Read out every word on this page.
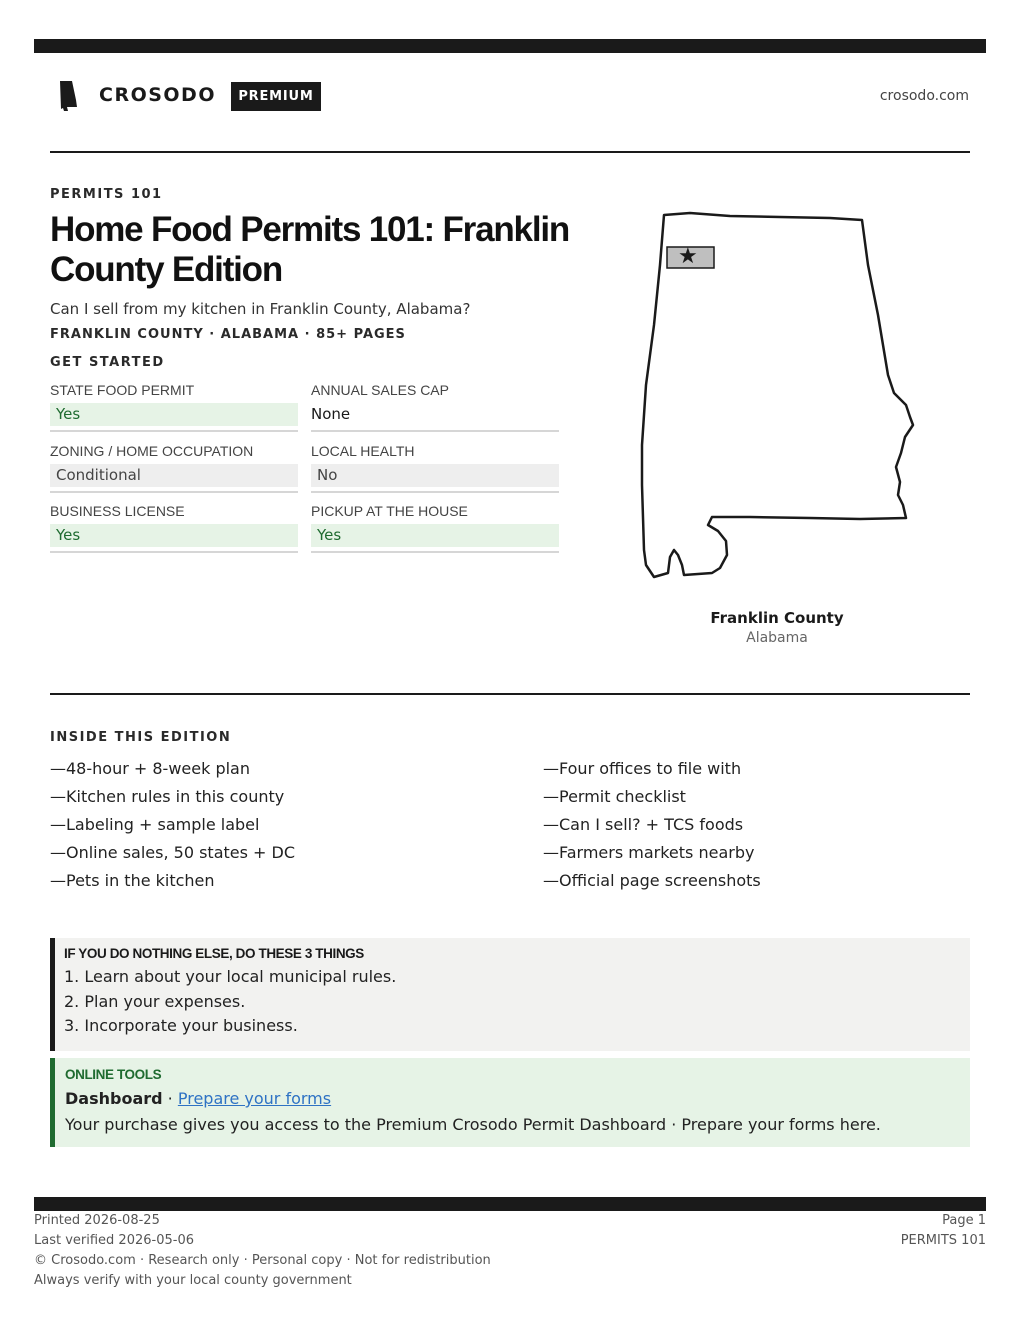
CROSODO	PREMIUM	crosodo.com
PERMITS 101
Home Food Permits 101: Franklin
County Edition
Can I sell from my kitchen in Franklin County, Alabama?
FRANKLIN COUNTY · ALABAMA · 85+ PAGES
GET STARTED
STATE FOOD PERMIT
Yes
ANNUAL SALES CAP
None
ZONING / HOME OCCUPATION
Conditional
LOCAL HEALTH
No
BUSINESS LICENSE
Yes
PICKUP AT THE HOUSE
Yes
★
Franklin County
Alabama
INSIDE THIS EDITION
—48-hour + 8-week plan
—Kitchen rules in this county
—Labeling + sample label
—Online sales, 50 states + DC
—Pets in the kitchen
—Four offices to file with
—Permit checklist
—Can I sell? + TCS foods
—Farmers markets nearby
—Official page screenshots
IF YOU DO NOTHING ELSE, DO THESE 3 THINGS
1. Learn about your local municipal rules.
2. Plan your expenses.
3. Incorporate your business.
ONLINE TOOLS
Dashboard · Prepare your forms
Your purchase gives you access to the Premium Crosodo Permit Dashboard · Prepare your forms here.
Printed 2026-08-25
Last verified 2026-05-06
© Crosodo.com · Research only · Personal copy · Not for redistribution
Always verify with your local county government
Page 1
PERMITS 101
